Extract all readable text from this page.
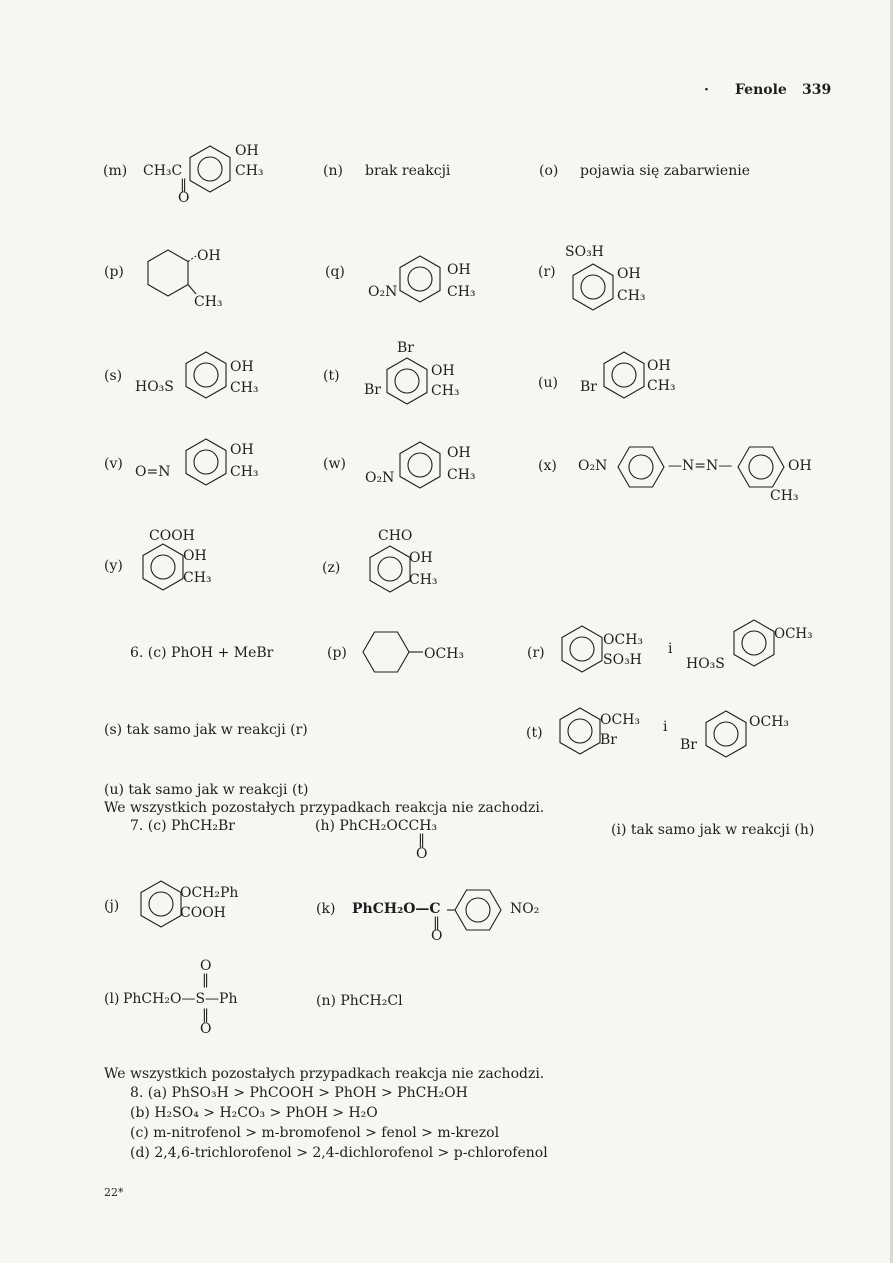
· Fenole 339
(m) CH₃C
‖
O
OH
CH₃	(n) brak reakcji	(o) pojawia się zabarwienie
(p)
OH
CH₃
(q)
O₂N
OH
CH₃
(r)
SO₃H
OH
CH₃
(s)
HO₃S
OH
CH₃
(t)
Br
Br
OH
CH₃	(u) Br
OH
CH₃
(v) O=N
OH
CH₃	(w)
O₂N
OH
CH₃
(x) O₂N	—N=N—	OH
CH₃
(y)
COOH
OH
CH₃
(z)
CHO
OH
CH₃
6. (c) PhOH + MeBr	(p)	OCH₃	(r)
OCH₃
SO₃H
i
HO₃S
OCH₃
(s) tak samo jak w reakcji (r)	(t)
OCH₃
Br
i
Br
OCH₃
(u) tak samo jak w reakcji (t)
We wszystkich pozostałych przypadkach reakcja nie zachodzi.
7. (c) PhCH₂Br	(h) PhCH₂OCCH₃
‖
O
(i) tak samo jak w reakcji (h)
(j)
OCH₂Ph
COOH	(k) PhCH₂O—C
‖
O
NO₂
O
‖
(l) PhCH₂O—S—Ph
‖
O
(n) PhCH₂Cl
We wszystkich pozostałych przypadkach reakcja nie zachodzi.
8. (a) PhSO₃H > PhCOOH > PhOH > PhCH₂OH
(b) H₂SO₄ > H₂CO₃ > PhOH > H₂O
(c) m-nitrofenol > m-bromofenol > fenol > m-krezol
(d) 2,4,6-trichlorofenol > 2,4-dichlorofenol > p-chlorofenol
22*
